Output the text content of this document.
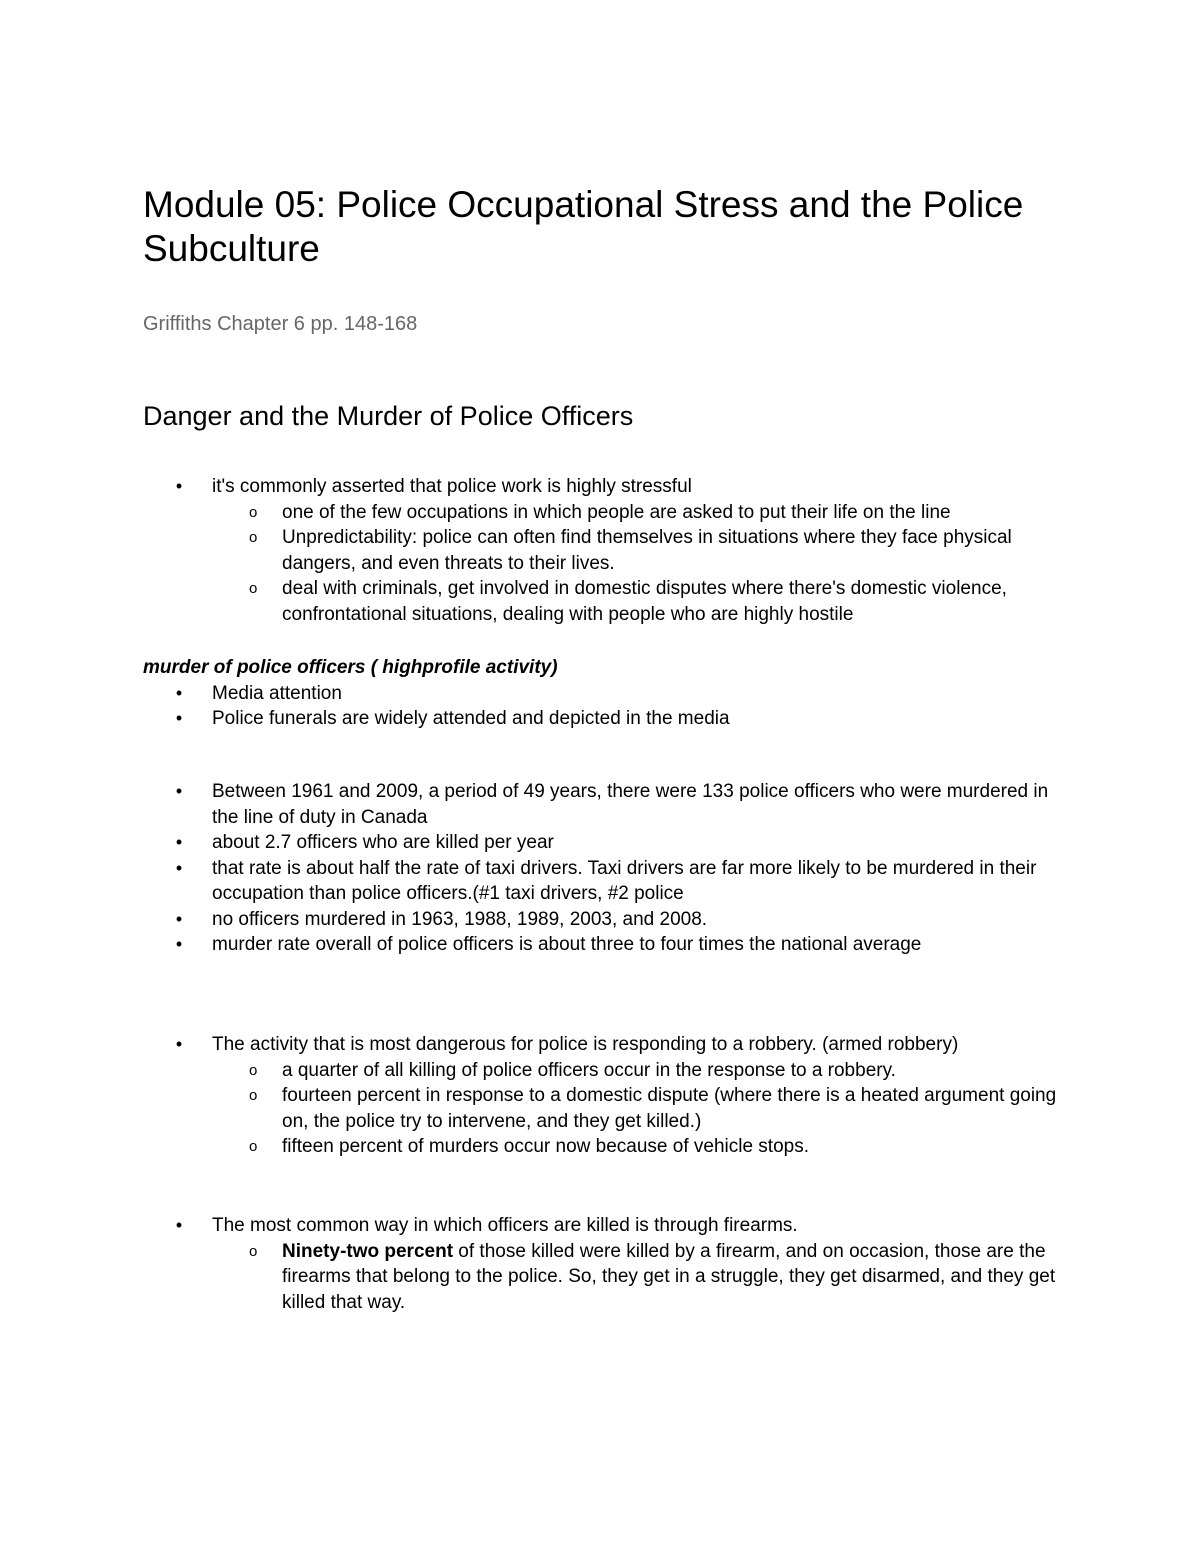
Module 05: Police Occupational Stress and the Police Subculture

Griffiths Chapter 6 pp. 148-168

Danger and the Murder of Police Officers
• it's commonly asserted that police work is highly stressful
o one of the few occupations in which people are asked to put their life on the line
o Unpredictability: police can often find themselves in situations where they face physical dangers, and even threats to their lives.
o deal with criminals, get involved in domestic disputes where there's domestic violence, confrontational situations, dealing with people who are highly hostile
murder of police officers ( highprofile activity)
• Media attention
• Police funerals are widely attended and depicted in the media
• Between 1961 and 2009, a period of 49 years, there were 133 police officers who were murdered in the line of duty in Canada
• about 2.7 officers who are killed per year
• that rate is about half the rate of taxi drivers. Taxi drivers are far more likely to be murdered in their occupation than police officers.(#1 taxi drivers, #2 police
• no officers murdered in 1963, 1988, 1989, 2003, and 2008.
• murder rate overall of police officers is about three to four times the national average
• The activity that is most dangerous for police is responding to a robbery. (armed robbery)
o a quarter of all killing of police officers occur in the response to a robbery.
o fourteen percent in response to a domestic dispute (where there is a heated argument going on, the police try to intervene, and they get killed.)
o fifteen percent of murders occur now because of vehicle stops.
• The most common way in which officers are killed is through firearms.
o Ninety-two percent of those killed were killed by a firearm, and on occasion, those are the firearms that belong to the police. So, they get in a struggle, they get disarmed, and they get killed that way.
